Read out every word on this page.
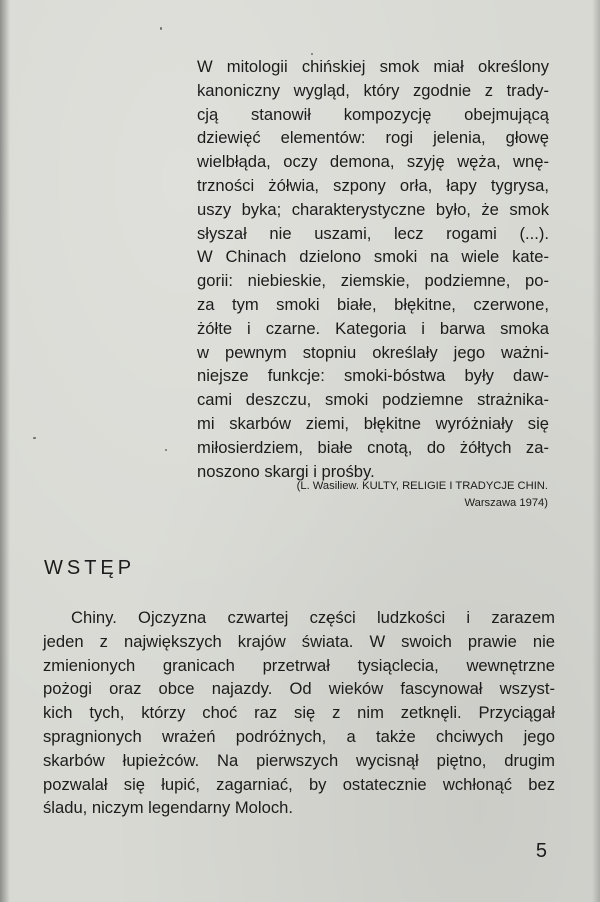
W mitologii chińskiej smok miał określony
kanoniczny wygląd, który zgodnie z trady-
cją stanowił kompozycję obejmującą
dziewięć elementów: rogi jelenia, głowę
wielbłąda, oczy demona, szyję węża, wnę-
trzności żółwia, szpony orła, łapy tygrysa,
uszy byka; charakterystyczne było, że smok
słyszał nie uszami, lecz rogami (...).
W Chinach dzielono smoki na wiele kate-
gorii: niebieskie, ziemskie, podziemne, po-
za tym smoki białe, błękitne, czerwone,
żółte i czarne. Kategoria i barwa smoka
w pewnym stopniu określały jego ważni-
niejsze funkcje: smoki-bóstwa były daw-
cami deszczu, smoki podziemne strażnika-
mi skarbów ziemi, błękitne wyróżniały się
miłosierdziem, białe cnotą, do żółtych za-
noszono skargi i prośby.
(L. Wasiliew. KULTY, RELIGIE I TRADYCJE CHIN.
Warszawa 1974)
WSTĘP
Chiny. Ojczyzna czwartej części ludzkości i zarazem
jeden z największych krajów świata. W swoich prawie nie
zmienionych granicach przetrwał tysiąclecia, wewnętrzne
pożogi oraz obce najazdy. Od wieków fascynował wszyst-
kich tych, którzy choć raz się z nim zetknęli. Przyciągał
spragnionych wrażeń podróżnych, a także chciwych jego
skarbów łupieżców. Na pierwszych wycisnął piętno, drugim
pozwalał się łupić, zagarniać, by ostatecznie wchłonąć bez
śladu, niczym legendarny Moloch.
5
